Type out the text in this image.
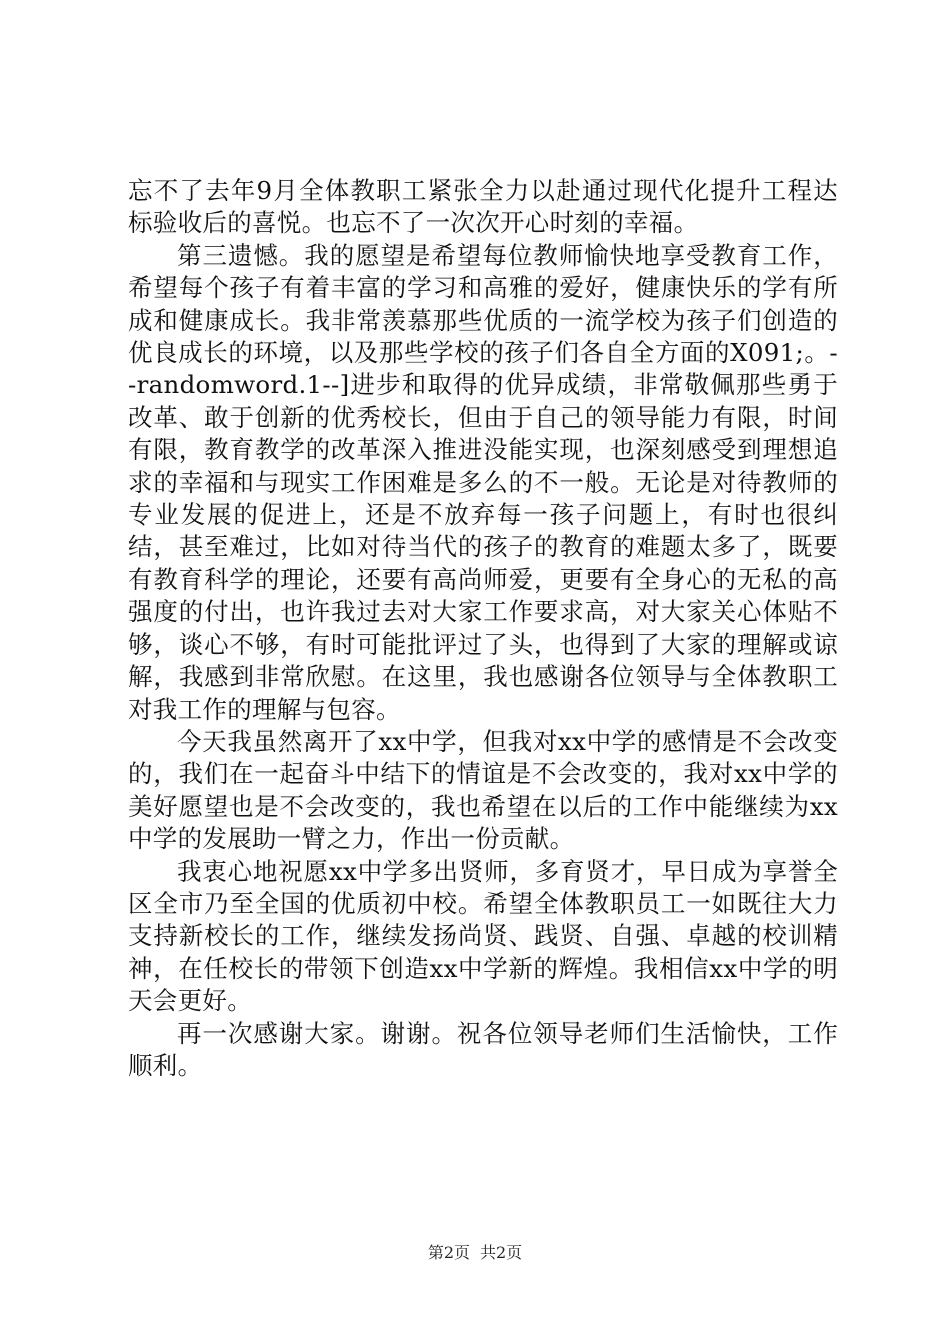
忘不了去年9月全体教职工紧张全力以赴通过现代化提升工程达标验收后的喜悦。也忘不了一次次开心时刻的幸福。

第三遗憾。我的愿望是希望每位教师愉快地享受教育工作，希望每个孩子有着丰富的学习和高雅的爱好，健康快乐的学有所成和健康成长。我非常羡慕那些优质的一流学校为孩子们创造的优良成长的环境，以及那些学校的孩子们各自全方面的X091;。--randomword.1--]进步和取得的优异成绩，非常敬佩那些勇于改革、敢于创新的优秀校长，但由于自己的领导能力有限，时间有限，教育教学的改革深入推进没能实现，也深刻感受到理想追求的幸福和与现实工作困难是多么的不一般。无论是对待教师的专业发展的促进上，还是不放弃每一孩子问题上，有时也很纠结，甚至难过，比如对待当代的孩子的教育的难题太多了，既要有教育科学的理论，还要有高尚师爱，更要有全身心的无私的高强度的付出，也许我过去对大家工作要求高，对大家关心体贴不够，谈心不够，有时可能批评过了头，也得到了大家的理解或谅解，我感到非常欣慰。在这里，我也感谢各位领导与全体教职工对我工作的理解与包容。

今天我虽然离开了xx中学，但我对xx中学的感情是不会改变的，我们在一起奋斗中结下的情谊是不会改变的，我对xx中学的美好愿望也是不会改变的，我也希望在以后的工作中能继续为xx中学的发展助一臂之力，作出一份贡献。

我衷心地祝愿xx中学多出贤师，多育贤才，早日成为享誉全区全市乃至全国的优质初中校。希望全体教职员工一如既往大力支持新校长的工作，继续发扬尚贤、践贤、自强、卓越的校训精神，在任校长的带领下创造xx中学新的辉煌。我相信xx中学的明天会更好。

再一次感谢大家。谢谢。祝各位领导老师们生活愉快，工作顺利。

第2页 共2页
